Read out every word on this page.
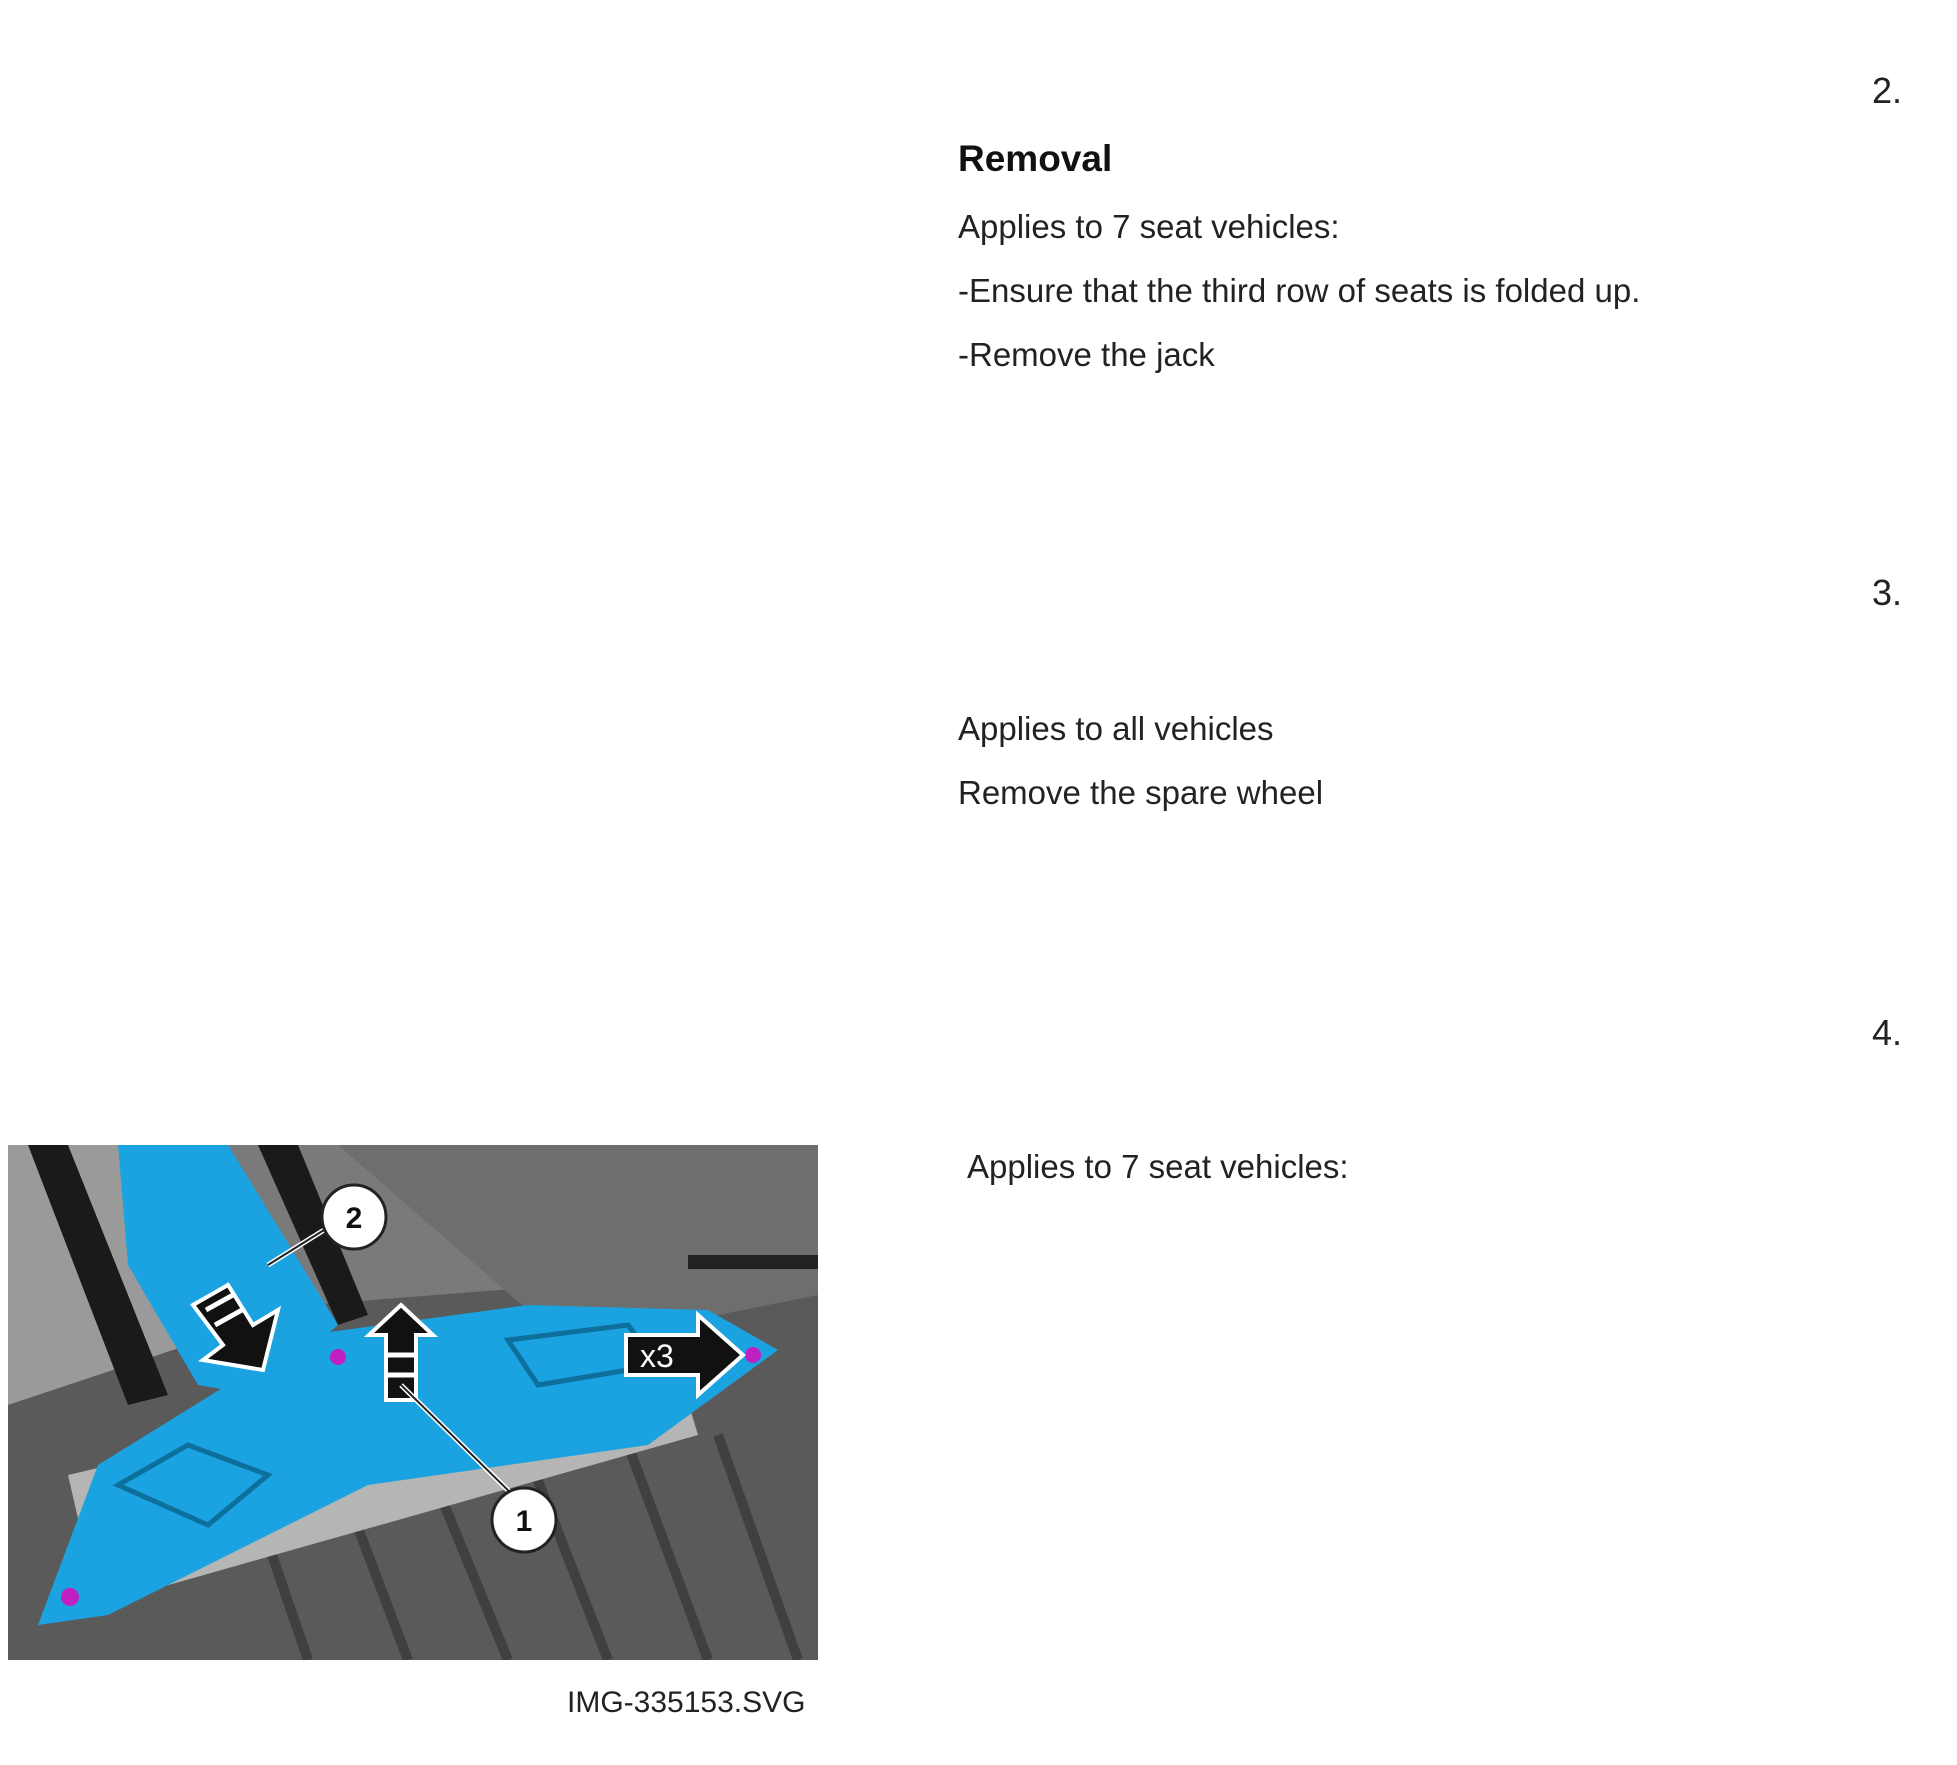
2.
Removal
Applies to 7 seat vehicles:
-Ensure that the third row of seats is folded up.
-Remove the jack
3.
Applies to all vehicles
Remove the spare wheel
4.
Applies to 7 seat vehicles:
x3
2
1
IMG-335153.SVG
